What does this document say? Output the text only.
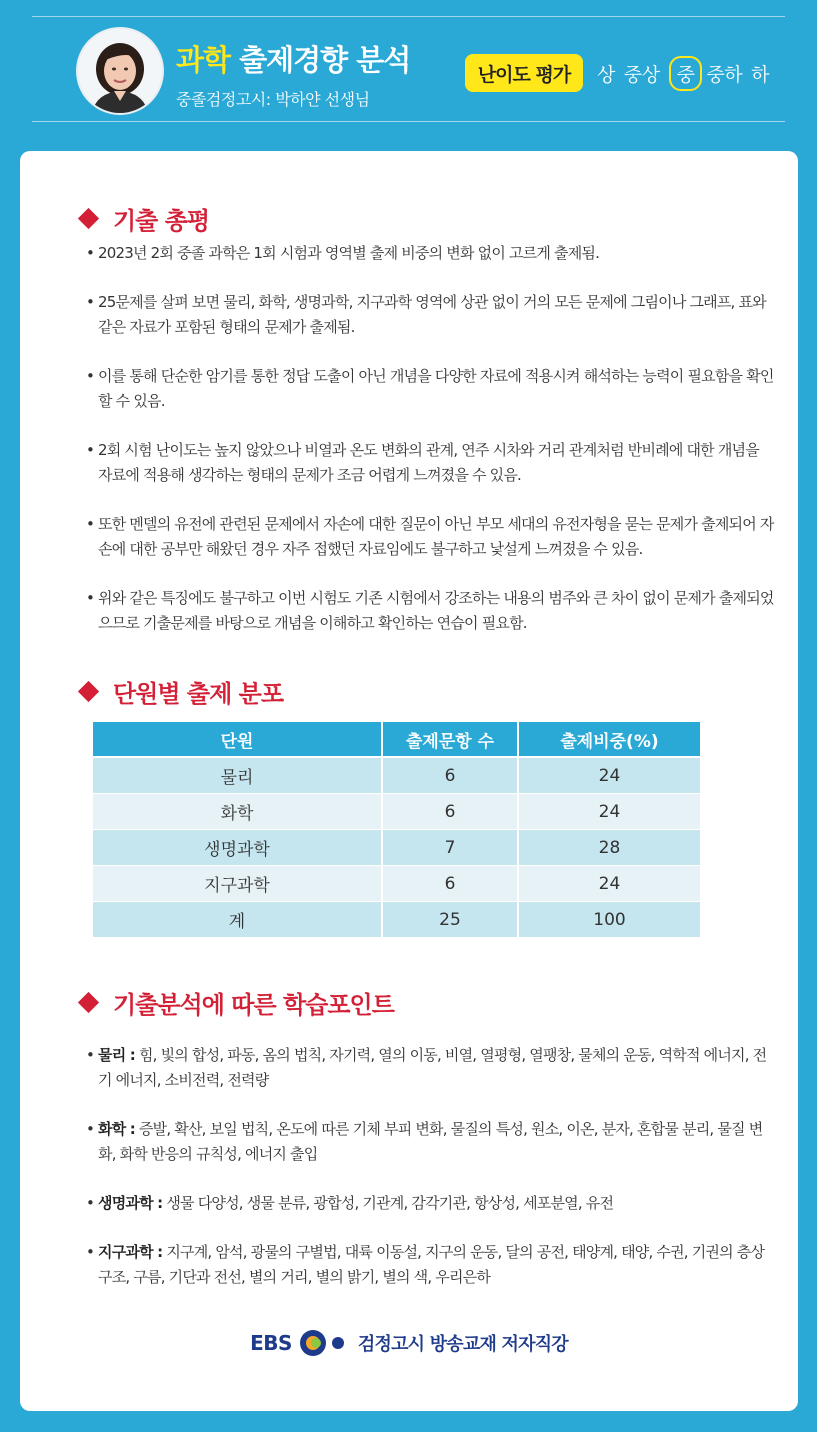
과학 출제경향 분석
중졸검정고시: 박하얀 선생님
난이도 평가	상 중상 중 중하 하
기출 총평
• 2023년 2회 중졸 과학은 1회 시험과 영역별 출제 비중의 변화 없이 고르게 출제됨.
• 25문제를 살펴 보면 물리, 화학, 생명과학, 지구과학 영역에 상관 없이 거의 모든 문제에 그림이나 그래프, 표와 같은 자료가 포함된 형태의 문제가 출제됨.
• 이를 통해 단순한 암기를 통한 정답 도출이 아닌 개념을 다양한 자료에 적용시켜 해석하는 능력이 필요함을 확인할 수 있음.
• 2회 시험 난이도는 높지 않았으나 비열과 온도 변화의 관계, 연주 시차와 거리 관계처럼 반비례에 대한 개념을 자료에 적용해 생각하는 형태의 문제가 조금 어렵게 느껴졌을 수 있음.
• 또한 멘델의 유전에 관련된 문제에서 자손에 대한 질문이 아닌 부모 세대의 유전자형을 묻는 문제가 출제되어 자손에 대한 공부만 해왔던 경우 자주 접했던 자료임에도 불구하고 낯설게 느껴졌을 수 있음.
• 위와 같은 특징에도 불구하고 이번 시험도 기존 시험에서 강조하는 내용의 범주와 큰 차이 없이 문제가 출제되었으므로 기출문제를 바탕으로 개념을 이해하고 확인하는 연습이 필요함.
단원별 출제 분포
단원	출제문항 수	출제비중(%)
물리	6	24
화학	6	24
생명과학	7	28
지구과학	6	24
계	25	100
기출분석에 따른 학습포인트
• 물리 : 힘, 빛의 합성, 파동, 옴의 법칙, 자기력, 열의 이동, 비열, 열평형, 열팽창, 물체의 운동, 역학적 에너지, 전기 에너지, 소비전력, 전력량
• 화학 : 증발, 확산, 보일 법칙, 온도에 따른 기체 부피 변화, 물질의 특성, 원소, 이온, 분자, 혼합물 분리, 물질 변화, 화학 반응의 규칙성, 에너지 출입
• 생명과학 : 생물 다양성, 생물 분류, 광합성, 기관계, 감각기관, 항상성, 세포분열, 유전
• 지구과학 : 지구계, 암석, 광물의 구별법, 대륙 이동설, 지구의 운동, 달의 공전, 태양계, 태양, 수권, 기권의 층상 구조, 구름, 기단과 전선, 별의 거리, 별의 밝기, 별의 색, 우리은하
EBS	검정고시 방송교재 저자직강
